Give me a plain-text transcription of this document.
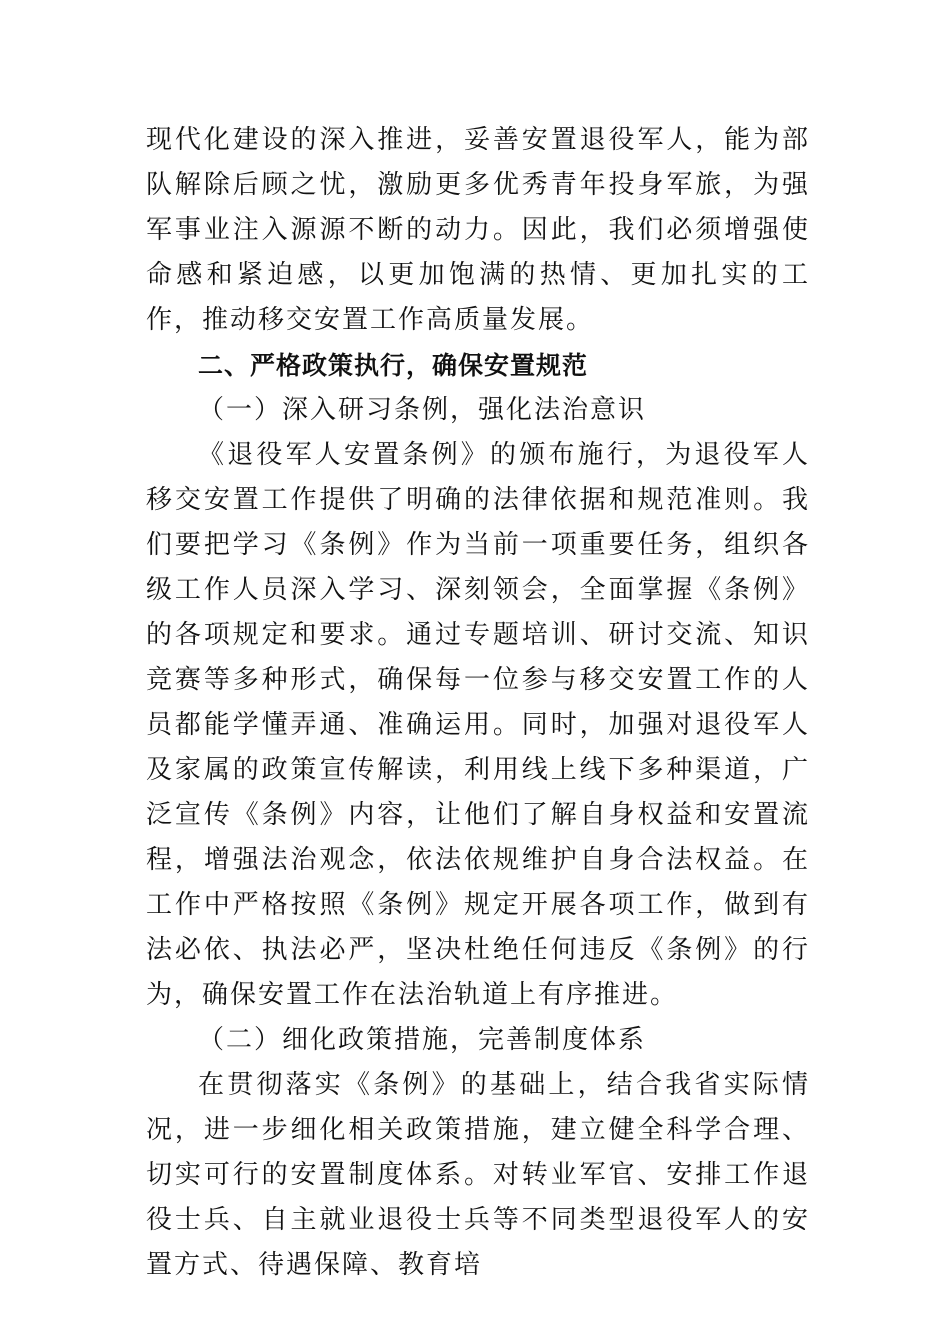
现代化建设的深入推进，妥善安置退役军人，能为部队解除后顾之忧，激励更多优秀青年投身军旅，为强军事业注入源源不断的动力。因此，我们必须增强使命感和紧迫感，以更加饱满的热情、更加扎实的工作，推动移交安置工作高质量发展。

二、严格政策执行，确保安置规范

（一）深入研习条例，强化法治意识

《退役军人安置条例》的颁布施行，为退役军人移交安置工作提供了明确的法律依据和规范准则。我们要把学习《条例》作为当前一项重要任务，组织各级工作人员深入学习、深刻领会，全面掌握《条例》的各项规定和要求。通过专题培训、研讨交流、知识竞赛等多种形式，确保每一位参与移交安置工作的人员都能学懂弄通、准确运用。同时，加强对退役军人及家属的政策宣传解读，利用线上线下多种渠道，广泛宣传《条例》内容，让他们了解自身权益和安置流程，增强法治观念，依法依规维护自身合法权益。在工作中严格按照《条例》规定开展各项工作，做到有法必依、执法必严，坚决杜绝任何违反《条例》的行为，确保安置工作在法治轨道上有序推进。

（二）细化政策措施，完善制度体系

在贯彻落实《条例》的基础上，结合我省实际情况，进一步细化相关政策措施，建立健全科学合理、切实可行的安置制度体系。对转业军官、安排工作退役士兵、自主就业退役士兵等不同类型退役军人的安置方式、待遇保障、教育培
